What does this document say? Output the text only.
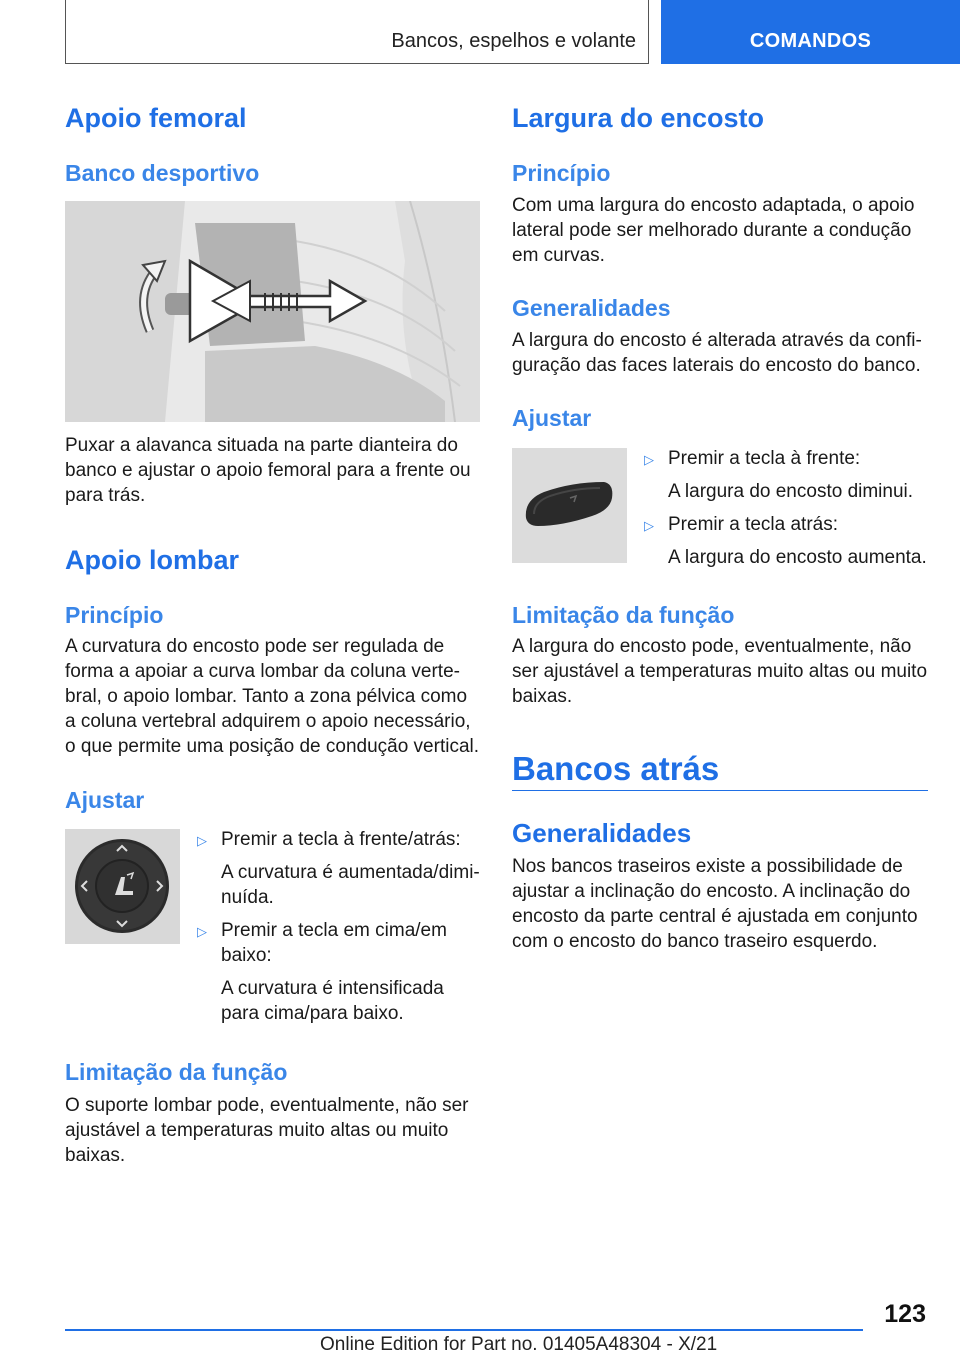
Bancos, espelhos e volante	COMANDOS
Apoio femoral
Banco desportivo

Puxar a alavanca situada na parte dianteira do banco e ajustar o apoio femoral para a frente ou para trás.

Apoio lombar
Princípio

A curvatura do encosto pode ser regulada de forma a apoiar a curva lombar da coluna vertebral, o apoio lombar. Tanto a zona pélvica como a coluna vertebral adquirem o apoio necessário, o que permite uma posição de condução vertical.

Ajustar
▷ Premir a tecla à frente/atrás:
A curvatura é aumentada/diminuída.
▷ Premir a tecla em cima/em baixo:
A curvatura é intensificada para cima/para baixo.
Limitação da função

O suporte lombar pode, eventualmente, não ser ajustável a temperaturas muito altas ou muito baixas.

Largura do encosto
Princípio

Com uma largura do encosto adaptada, o apoio lateral pode ser melhorado durante a condução em curvas.

Generalidades

A largura do encosto é alterada através da configuração das faces laterais do encosto do banco.

Ajustar
▷ Premir a tecla à frente:
A largura do encosto diminui.
▷ Premir a tecla atrás:
A largura do encosto aumenta.
Limitação da função

A largura do encosto pode, eventualmente, não ser ajustável a temperaturas muito altas ou muito baixas.

Bancos atrás
Generalidades

Nos bancos traseiros existe a possibilidade de ajustar a inclinação do encosto. A inclinação do encosto da parte central é ajustada em conjunto com o encosto do banco traseiro esquerdo.

123
Online Edition for Part no. 01405A48304 - X/21
